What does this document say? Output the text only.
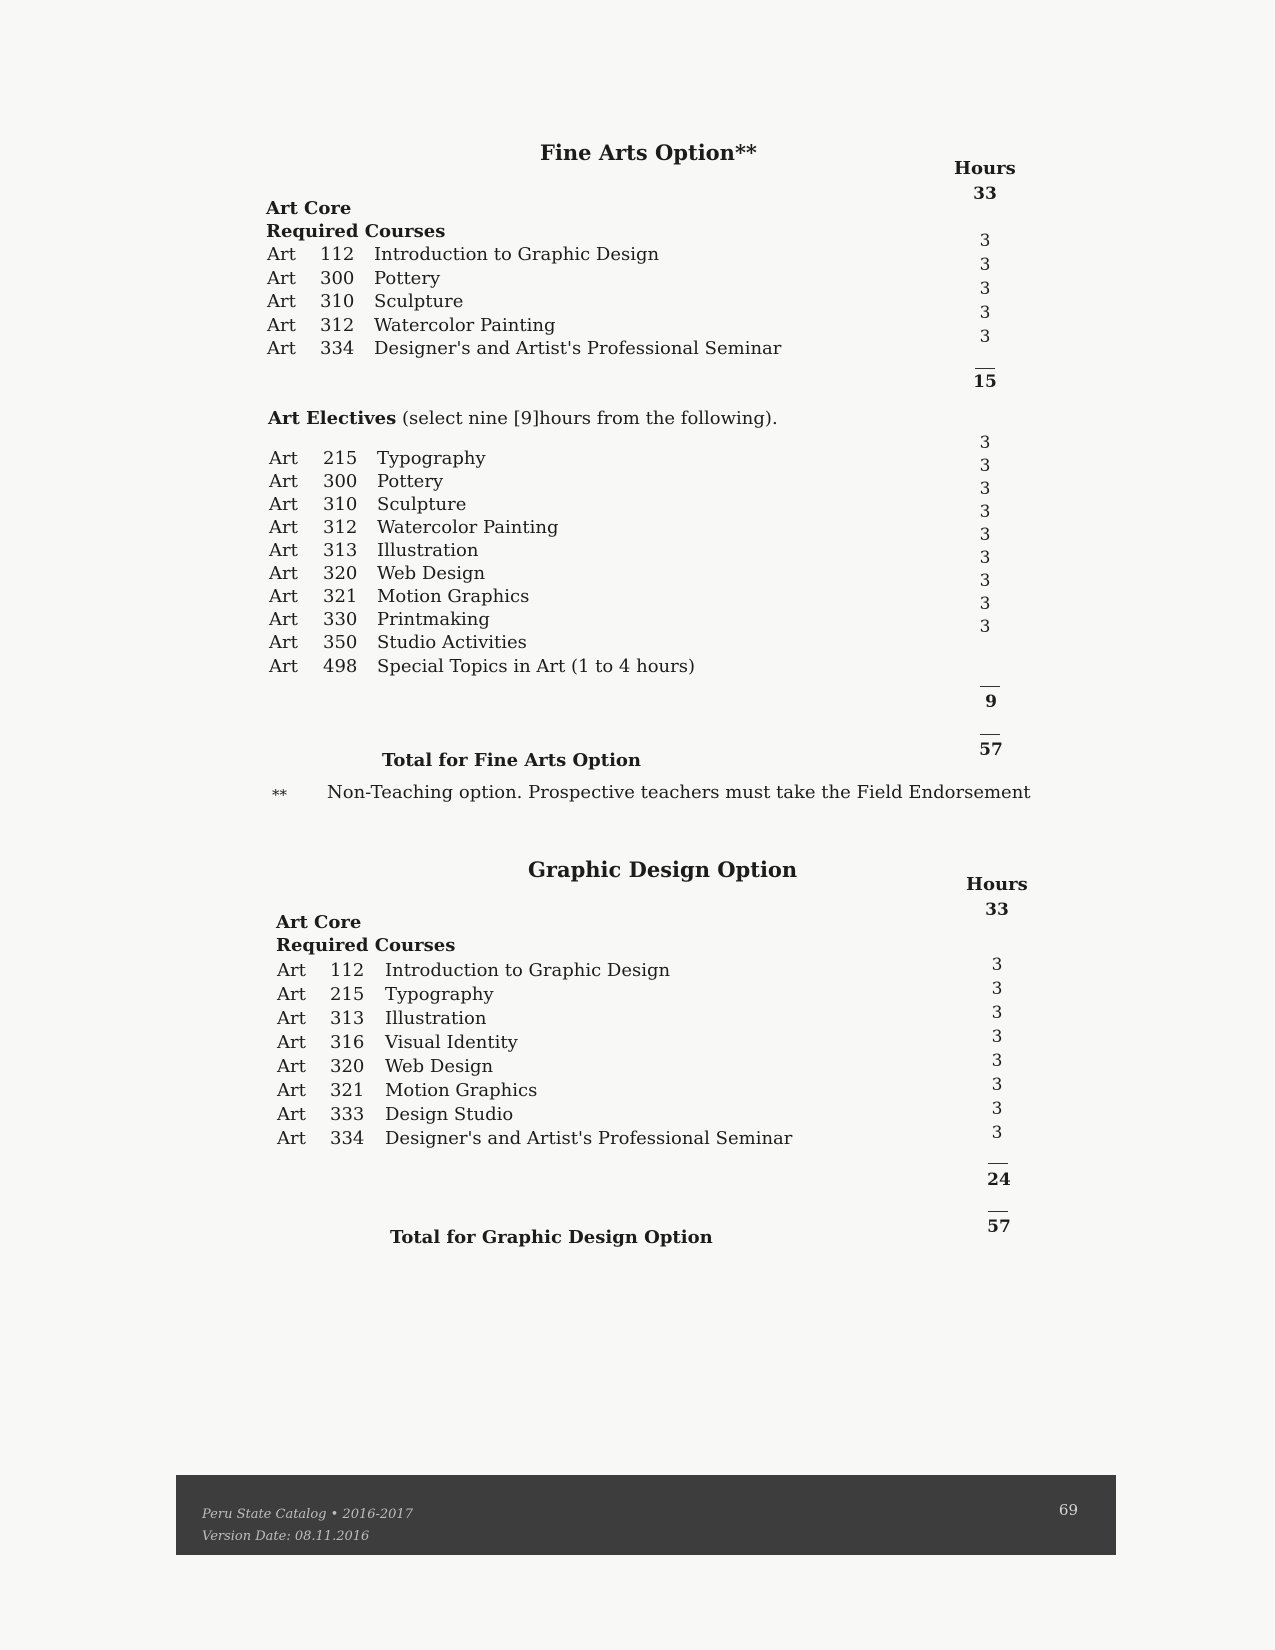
Fine Arts Option**
Hours
33
Art Core
Required Courses
Art 112 Introduction to Graphic Design
Art 300 Pottery
Art 310 Sculpture
Art 312 Watercolor Painting
Art 334 Designer's and Artist's Professional Seminar
3
3
3
3
3
15
Art Electives (select nine [9]hours from the following).
Art 215 Typography
Art 300 Pottery
Art 310 Sculpture
Art 312 Watercolor Painting
Art 313 Illustration
Art 320 Web Design
Art 321 Motion Graphics
Art 330 Printmaking
Art 350 Studio Activities
Art 498 Special Topics in Art (1 to 4 hours)
3
3
3
3
3
3
3
3
3
9
57
Total for Fine Arts Option
** Non-Teaching option. Prospective teachers must take the Field Endorsement
Graphic Design Option
Hours
33
Art Core
Required Courses
Art 112 Introduction to Graphic Design
Art 215 Typography
Art 313 Illustration
Art 316 Visual Identity
Art 320 Web Design
Art 321 Motion Graphics
Art 333 Design Studio
Art 334 Designer's and Artist's Professional Seminar
3
3
3
3
3
3
3
3
24
57
Total for Graphic Design Option
Peru State Catalog • 2016-2017
Version Date: 08.11.2016
69
